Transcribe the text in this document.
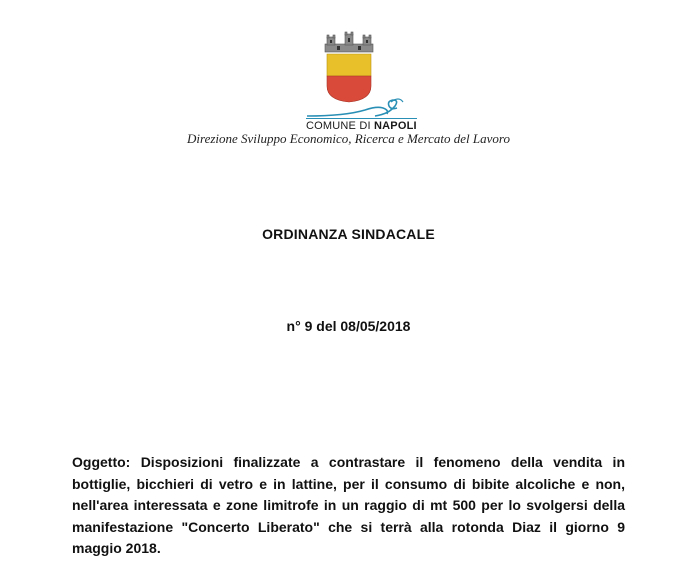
COMUNE DI NAPOLI
Direzione Sviluppo Economico, Ricerca e Mercato del Lavoro
ORDINANZA SINDACALE
n° 9 del 08/05/2018
Oggetto: Disposizioni finalizzate a contrastare il fenomeno della vendita in bottiglie, bicchieri di vetro e in lattine, per il consumo di bibite alcoliche e non, nell'area interessata e zone limitrofe in un raggio di mt 500 per lo svolgersi della manifestazione "Concerto Liberato" che si terrà alla rotonda Diaz il giorno 9 maggio 2018.
